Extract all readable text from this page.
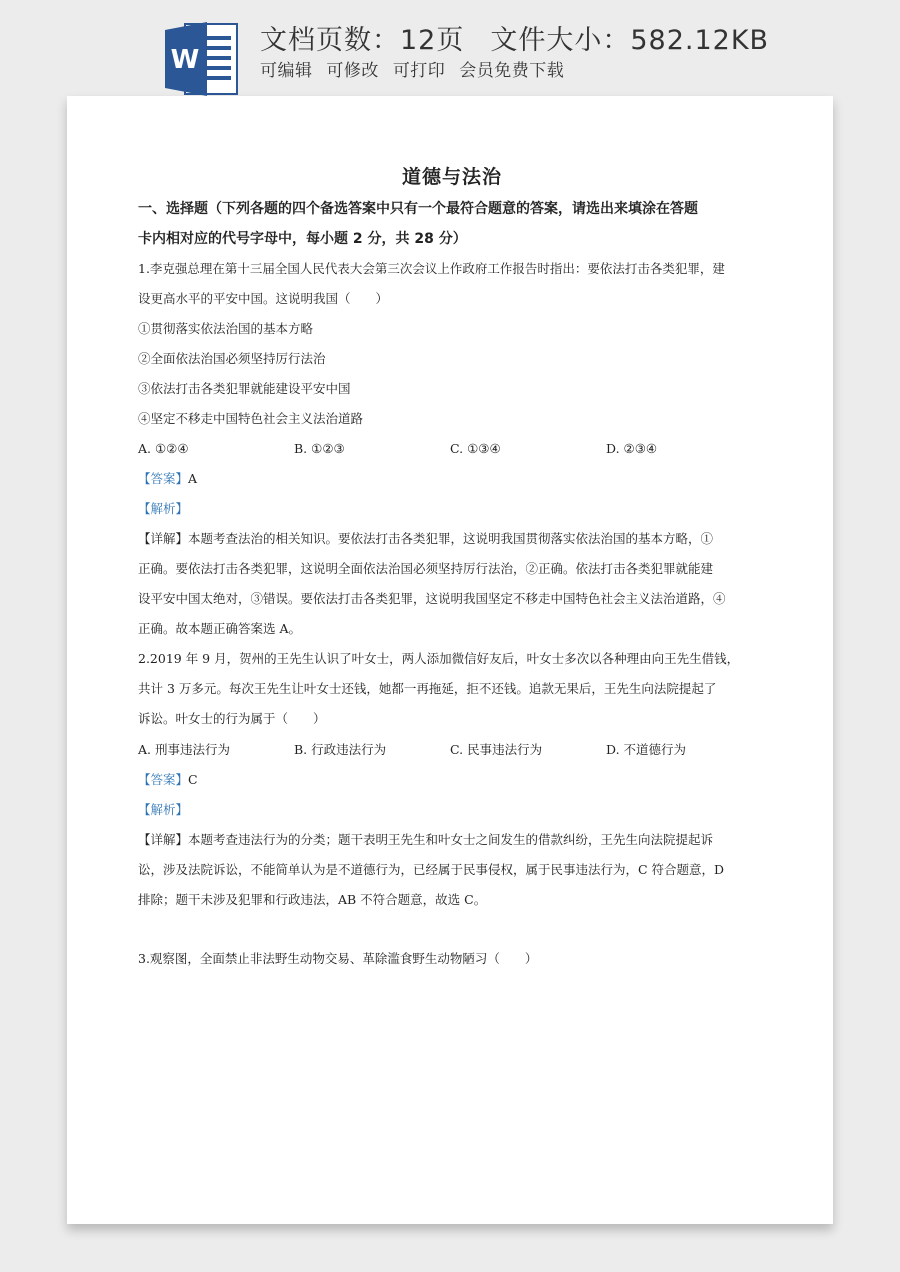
W
文档页数：12页 文件大小：582.12KB
可编辑 可修改 可打印 会员免费下载
道德与法治
一、选择题（下列各题的四个备选答案中只有一个最符合题意的答案，请选出来填涂在答题
卡内相对应的代号字母中，每小题 2 分，共 28 分）
1.李克强总理在第十三届全国人民代表大会第三次会议上作政府工作报告时指出：要依法打击各类犯罪，建
设更高水平的平安中国。这说明我国（　　）
①贯彻落实依法治国的基本方略
②全面依法治国必须坚持厉行法治
③依法打击各类犯罪就能建设平安中国
④坚定不移走中国特色社会主义法治道路
A. ①②④	B. ①②③	C. ①③④	D. ②③④
【答案】A
【解析】
【详解】本题考查法治的相关知识。要依法打击各类犯罪，这说明我国贯彻落实依法治国的基本方略，①
正确。要依法打击各类犯罪，这说明全面依法治国必须坚持厉行法治，②正确。依法打击各类犯罪就能建
设平安中国太绝对，③错误。要依法打击各类犯罪，这说明我国坚定不移走中国特色社会主义法治道路，④
正确。故本题正确答案选 A。
2.2019 年 9 月，贺州的王先生认识了叶女士，两人添加微信好友后，叶女士多次以各种理由向王先生借钱，
共计 3 万多元。每次王先生让叶女士还钱，她都一再拖延，拒不还钱。追款无果后，王先生向法院提起了
诉讼。叶女士的行为属于（　　）
A. 刑事违法行为	B. 行政违法行为	C. 民事违法行为	D. 不道德行为
【答案】C
【解析】
【详解】本题考查违法行为的分类；题干表明王先生和叶女士之间发生的借款纠纷，王先生向法院提起诉
讼，涉及法院诉讼，不能简单认为是不道德行为，已经属于民事侵权，属于民事违法行为，C 符合题意，D
排除；题干未涉及犯罪和行政违法，AB 不符合题意，故选 C。
3.观察图，全面禁止非法野生动物交易、革除滥食野生动物陋习（　　）
